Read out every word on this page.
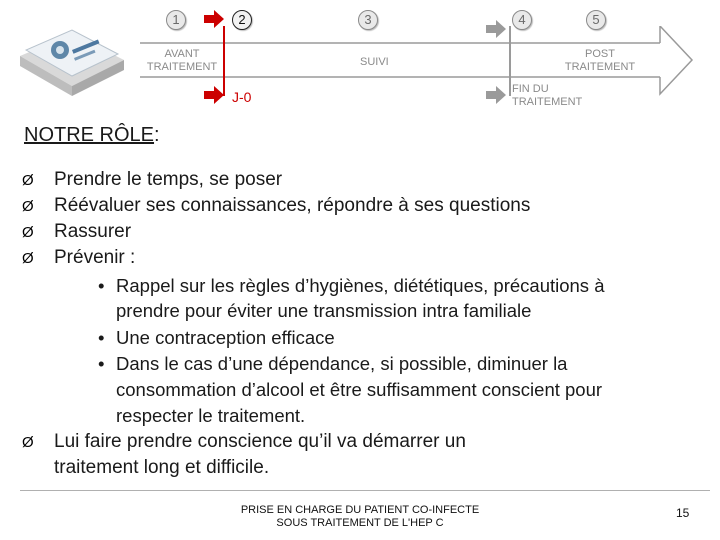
1	2	3	4	5
AVANT TRAITEMENT	SUIVI
POST TRAITEMENT
FIN DU TRAITEMENT
J-0
NOTRE RÔLE:
Ø Prendre le temps, se poser
Ø Réévaluer ses connaissances, répondre à ses questions
Ø Rassurer
Ø Prévenir :
• Rappel sur les règles d’hygiènes, diététiques, précautions à
prendre pour éviter une transmission intra familiale
• Une contraception efficace
• Dans le cas d’une dépendance, si possible, diminuer la
consommation d’alcool et être suffisamment conscient pour
respecter le traitement.
Ø Lui faire prendre conscience qu’il va démarrer un
traitement long et difficile.
PRISE EN CHARGE DU PATIENT CO-INFECTE
SOUS TRAITEMENT DE L'HEP C
15
